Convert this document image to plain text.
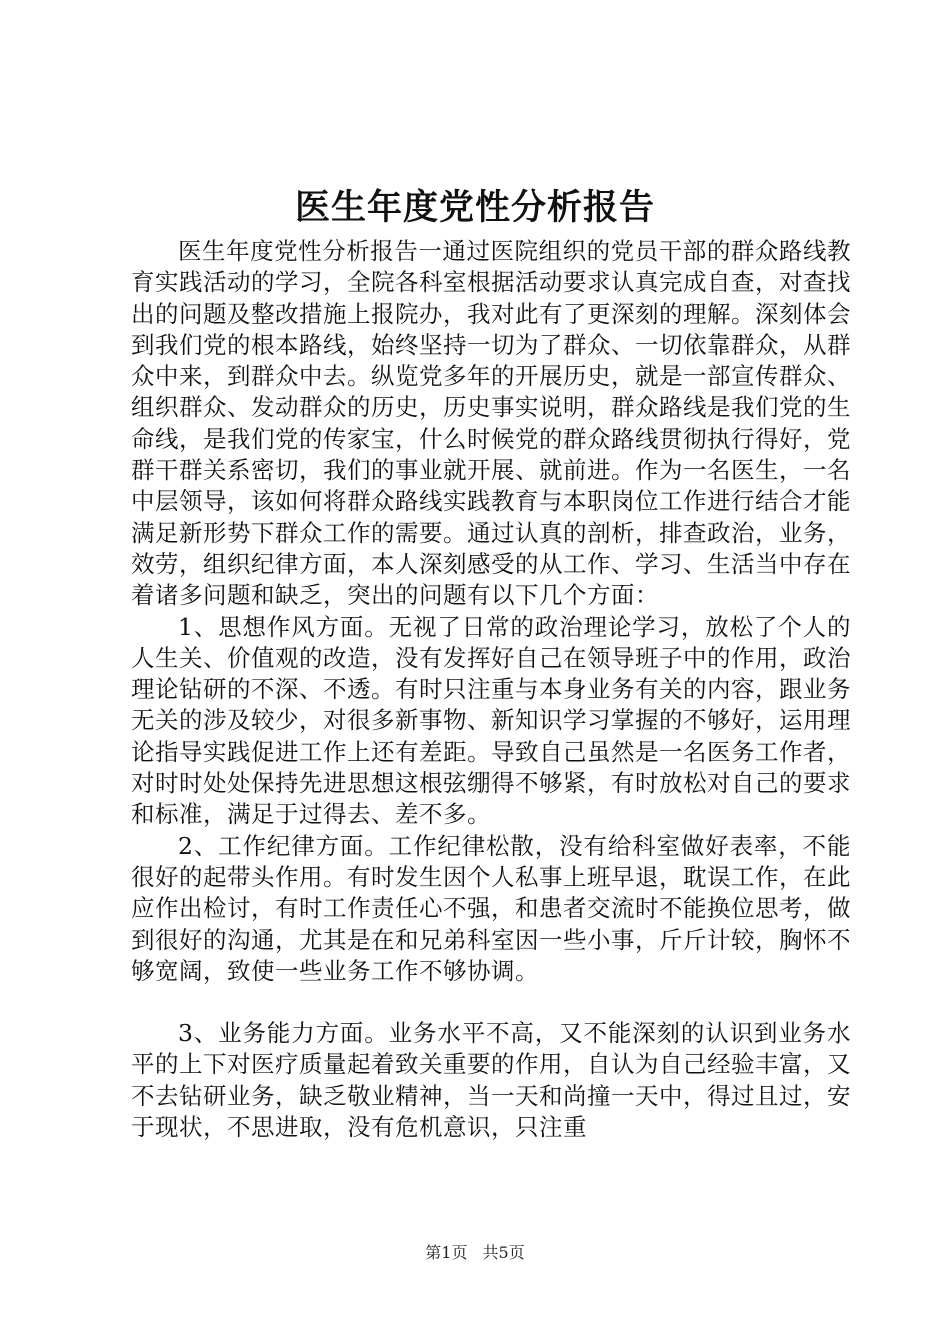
医生年度党性分析报告

医生年度党性分析报告一通过医院组织的党员干部的群众路线教育实践活动的学习，全院各科室根据活动要求认真完成自查，对查找出的问题及整改措施上报院办，我对此有了更深刻的理解。深刻体会到我们党的根本路线，始终坚持一切为了群众、一切依靠群众，从群众中来，到群众中去。纵览党多年的开展历史，就是一部宣传群众、组织群众、发动群众的历史，历史事实说明，群众路线是我们党的生命线，是我们党的传家宝，什么时候党的群众路线贯彻执行得好，党群干群关系密切，我们的事业就开展、就前进。作为一名医生，一名中层领导，该如何将群众路线实践教育与本职岗位工作进行结合才能满足新形势下群众工作的需要。通过认真的剖析，排查政治，业务，效劳，组织纪律方面，本人深刻感受的从工作、学习、生活当中存在着诸多问题和缺乏，突出的问题有以下几个方面：

1、思想作风方面。无视了日常的政治理论学习，放松了个人的人生关、价值观的改造，没有发挥好自己在领导班子中的作用，政治理论钻研的不深、不透。有时只注重与本身业务有关的内容，跟业务无关的涉及较少，对很多新事物、新知识学习掌握的不够好，运用理论指导实践促进工作上还有差距。导致自己虽然是一名医务工作者，对时时处处保持先进思想这根弦绷得不够紧，有时放松对自己的要求和标准，满足于过得去、差不多。

2、工作纪律方面。工作纪律松散，没有给科室做好表率，不能很好的起带头作用。有时发生因个人私事上班早退，耽误工作，在此应作出检讨，有时工作责任心不强，和患者交流时不能换位思考，做到很好的沟通，尤其是在和兄弟科室因一些小事，斤斤计较，胸怀不够宽阔，致使一些业务工作不够协调。

3、业务能力方面。业务水平不高，又不能深刻的认识到业务水平的上下对医疗质量起着致关重要的作用，自认为自己经验丰富，又不去钻研业务，缺乏敬业精神，当一天和尚撞一天中，得过且过，安于现状，不思进取，没有危机意识，只注重

第1页 共5页
